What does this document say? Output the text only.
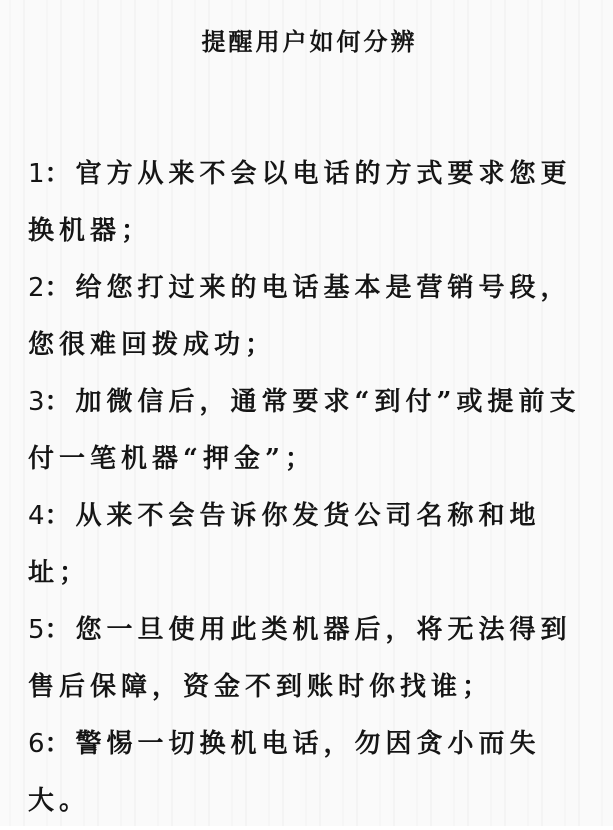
提醒用户如何分辨
1：官方从来不会以电话的方式要求您更换机器；
2：给您打过来的电话基本是营销号段，您很难回拨成功；
3：加微信后，通常要求“到付”或提前支付一笔机器“押金”；
4：从来不会告诉你发货公司名称和地址；
5：您一旦使用此类机器后，将无法得到售后保障，资金不到账时你找谁；
6：警惕一切换机电话，勿因贪小而失大。
